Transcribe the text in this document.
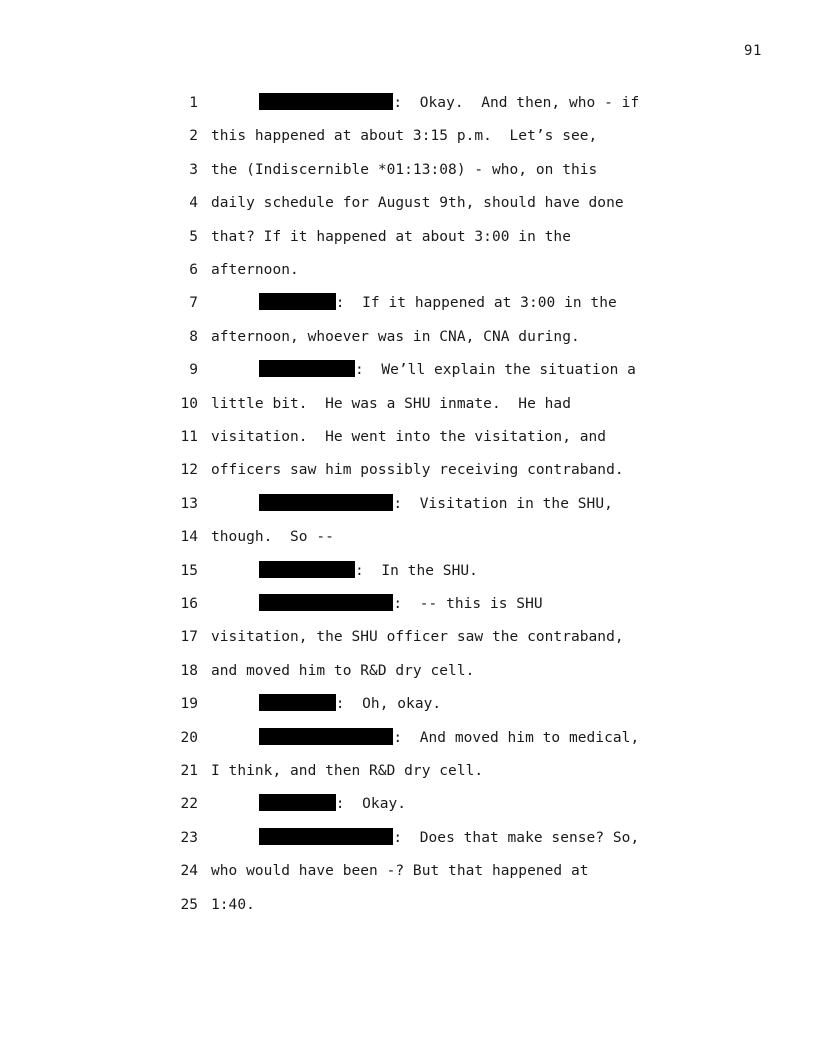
91
1	:  Okay.  And then, who - if
2 this happened at about 3:15 p.m.  Let’s see,
3 the (Indiscernible *01:13:08) - who, on this
4 daily schedule for August 9th, should have done
5 that? If it happened at about 3:00 in the
6 afternoon.
7	:  If it happened at 3:00 in the
8 afternoon, whoever was in CNA, CNA during.
9	:  We’ll explain the situation a
10 little bit.  He was a SHU inmate.  He had
11 visitation.  He went into the visitation, and
12 officers saw him possibly receiving contraband.
13	:  Visitation in the SHU,
14 though.  So --
15	:  In the SHU.
16	:  -- this is SHU
17 visitation, the SHU officer saw the contraband,
18 and moved him to R&D dry cell.
19	:  Oh, okay.
20	:  And moved him to medical,
21 I think, and then R&D dry cell.
22	:  Okay.
23	:  Does that make sense? So,
24 who would have been -? But that happened at
25 1:40.
